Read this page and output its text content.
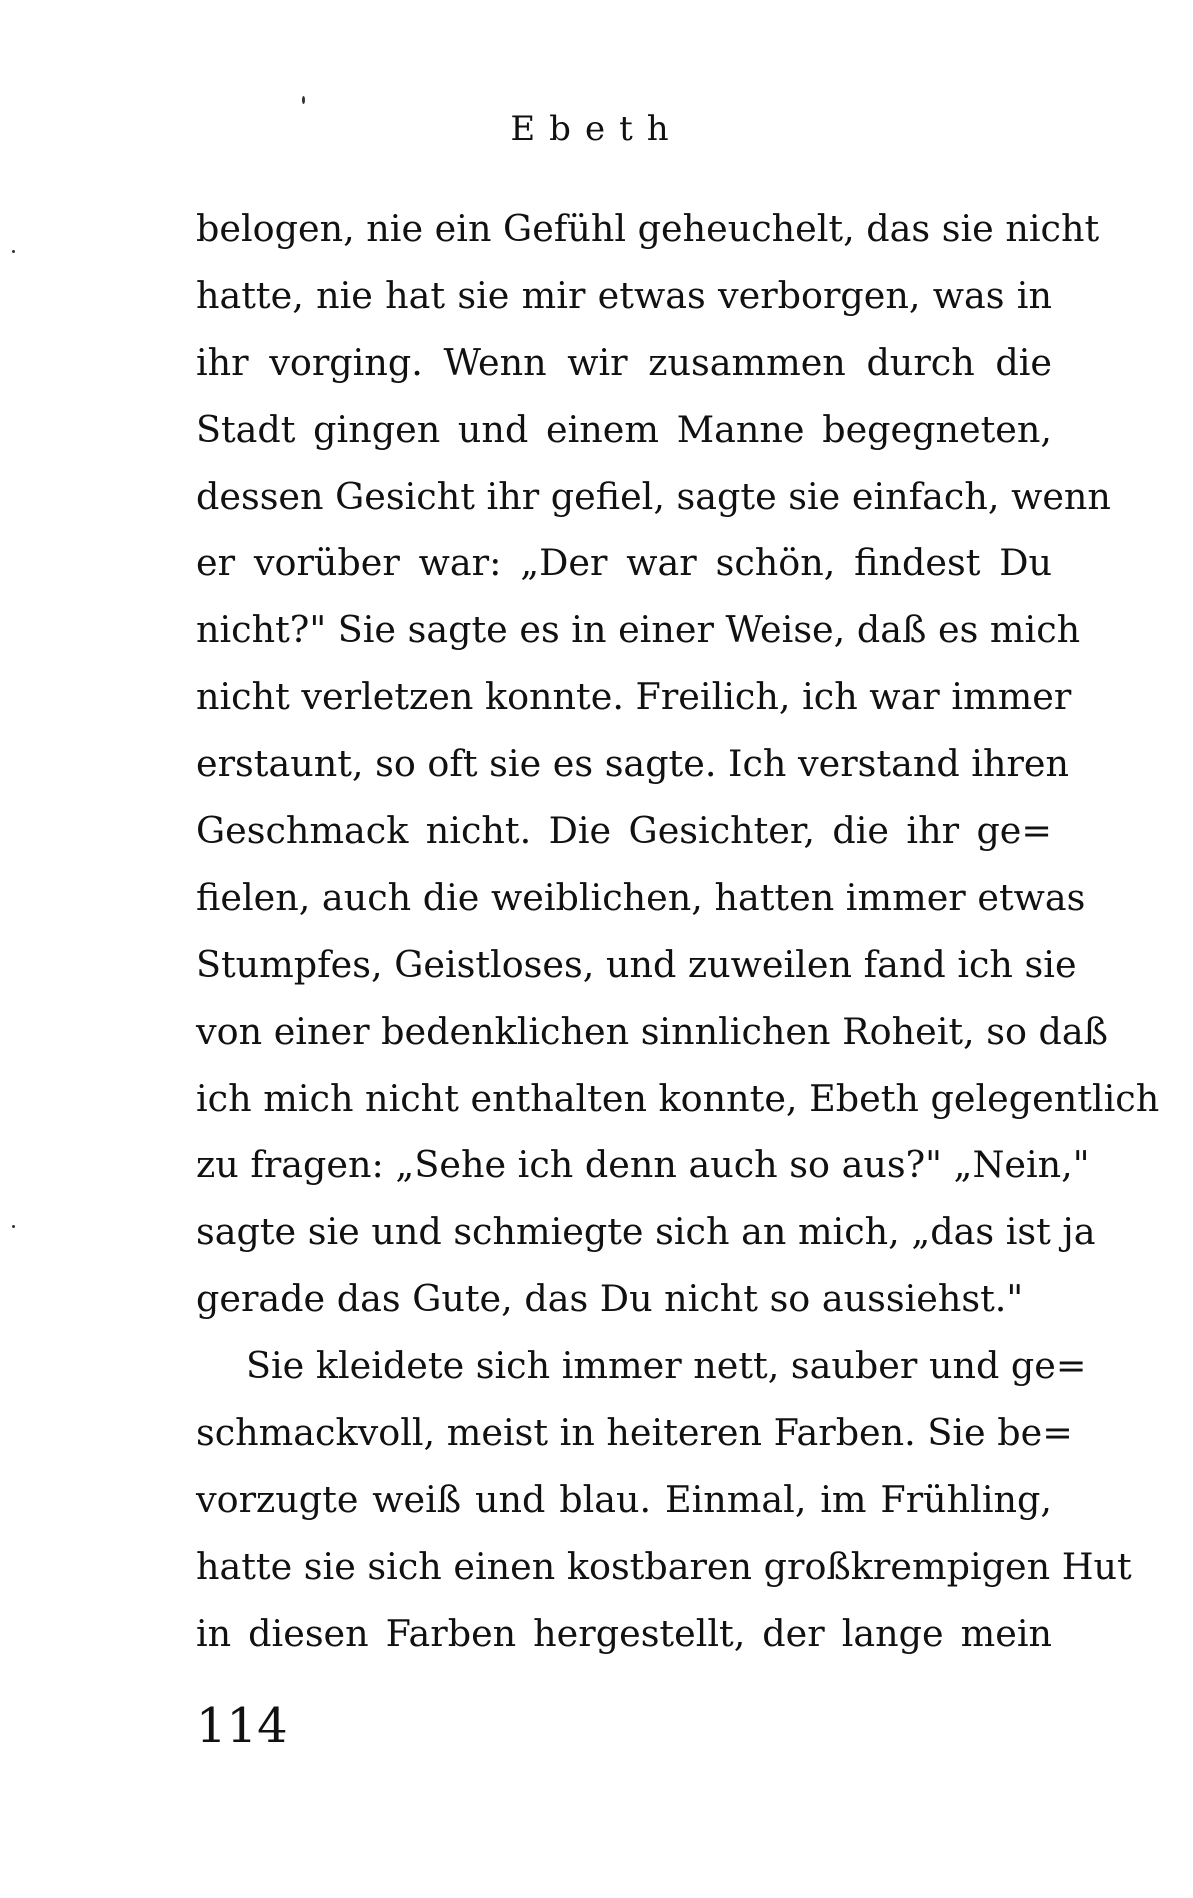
Ebeth
belogen, nie ein Gefühl geheuchelt, das sie nicht
hatte, nie hat sie mir etwas verborgen, was in
ihr vorging. Wenn wir zusammen durch die
Stadt gingen und einem Manne begegneten,
dessen Gesicht ihr gefiel, sagte sie einfach, wenn
er vorüber war: „Der war schön, findest Du
nicht?" Sie sagte es in einer Weise, daß es mich
nicht verletzen konnte. Freilich, ich war immer
erstaunt, so oft sie es sagte. Ich verstand ihren
Geschmack nicht. Die Gesichter, die ihr ge=
fielen, auch die weiblichen, hatten immer etwas
Stumpfes, Geistloses, und zuweilen fand ich sie
von einer bedenklichen sinnlichen Roheit, so daß
ich mich nicht enthalten konnte, Ebeth gelegentlich
zu fragen: „Sehe ich denn auch so aus?" „Nein,"
sagte sie und schmiegte sich an mich, „das ist ja
gerade das Gute, das Du nicht so aussiehst."
Sie kleidete sich immer nett, sauber und ge=
schmackvoll, meist in heiteren Farben. Sie be=
vorzugte weiß und blau. Einmal, im Frühling,
hatte sie sich einen kostbaren großkrempigen Hut
in diesen Farben hergestellt, der lange mein
114
